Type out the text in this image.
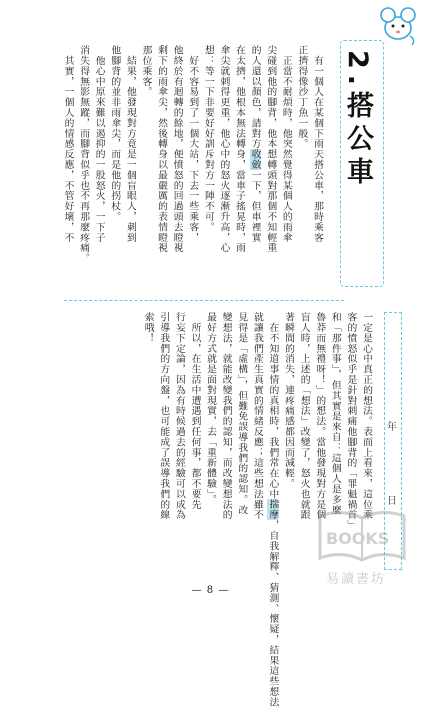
2.搭公車

　有一個人在某個下雨天搭公車，那時乘客
正擠得像沙丁魚一般。
　正當不耐煩時，他突然覺得某個人的雨傘
尖碰到他的腳背，他本想轉頭對那個不知輕重
的人還以顏色，請對方收斂一下，但車裡實
在太擠，他根本無法轉身，當車子搖晃時，雨
傘尖就刺得更重，他心中的怒火逐漸升高，心
想：等一下非要好好訓斥對方一陣不可。
　好不容易到了一個大站，下去一些乘客，
他終於有迴轉的餘地，便憤怒的回過頭去瞪視
剩下的雨傘尖，然後轉身以最嚴厲的表情瞪視
那位乘客。
　結果，他發現對方竟是一個盲眼人，刺到
他腳背的並非雨傘尖，而是他的拐杖。
　他心中原來難以遏抑的一股怒火，一下子
消失得無影無蹤，而腳背似乎也不再那麼疼痛。
　其實，一個人的情感反應，不管好壞，不

一定是心中真正的想法。表面上看來，這位乘
客的憤怒似乎是針對刺痛他腳背的「罪魁禍首」
和「那件事」，但其實是來自：這個人是多麼
魯莽而無禮呀！」的想法。當他發現對方是個
盲人時，上述的「想法」改變了，怒火也就跟
著瞬間的消失，連疼痛感都因而減輕。
　在不知道事情的真相時，我們常在心中揣摩，自我解釋、猜測、懷疑，結果這些想法
就讓我們產生真實的情緒反應；這些想法雖不
見得是「虛構」，但難免誤導我們的認知。改
變想法，就能改變我們的認知，而改變想法的
最好方式就是面對現實，去「重新體驗」。
　所以，在生活中遭遇到任何事，都不要先
行妄下定論，因為有時候過去的經驗可以成為
引導我們的方向盤，也可能成了誤導我們的線
索哦！

年
日
BOOKS
易讀書坊
— 8 —
